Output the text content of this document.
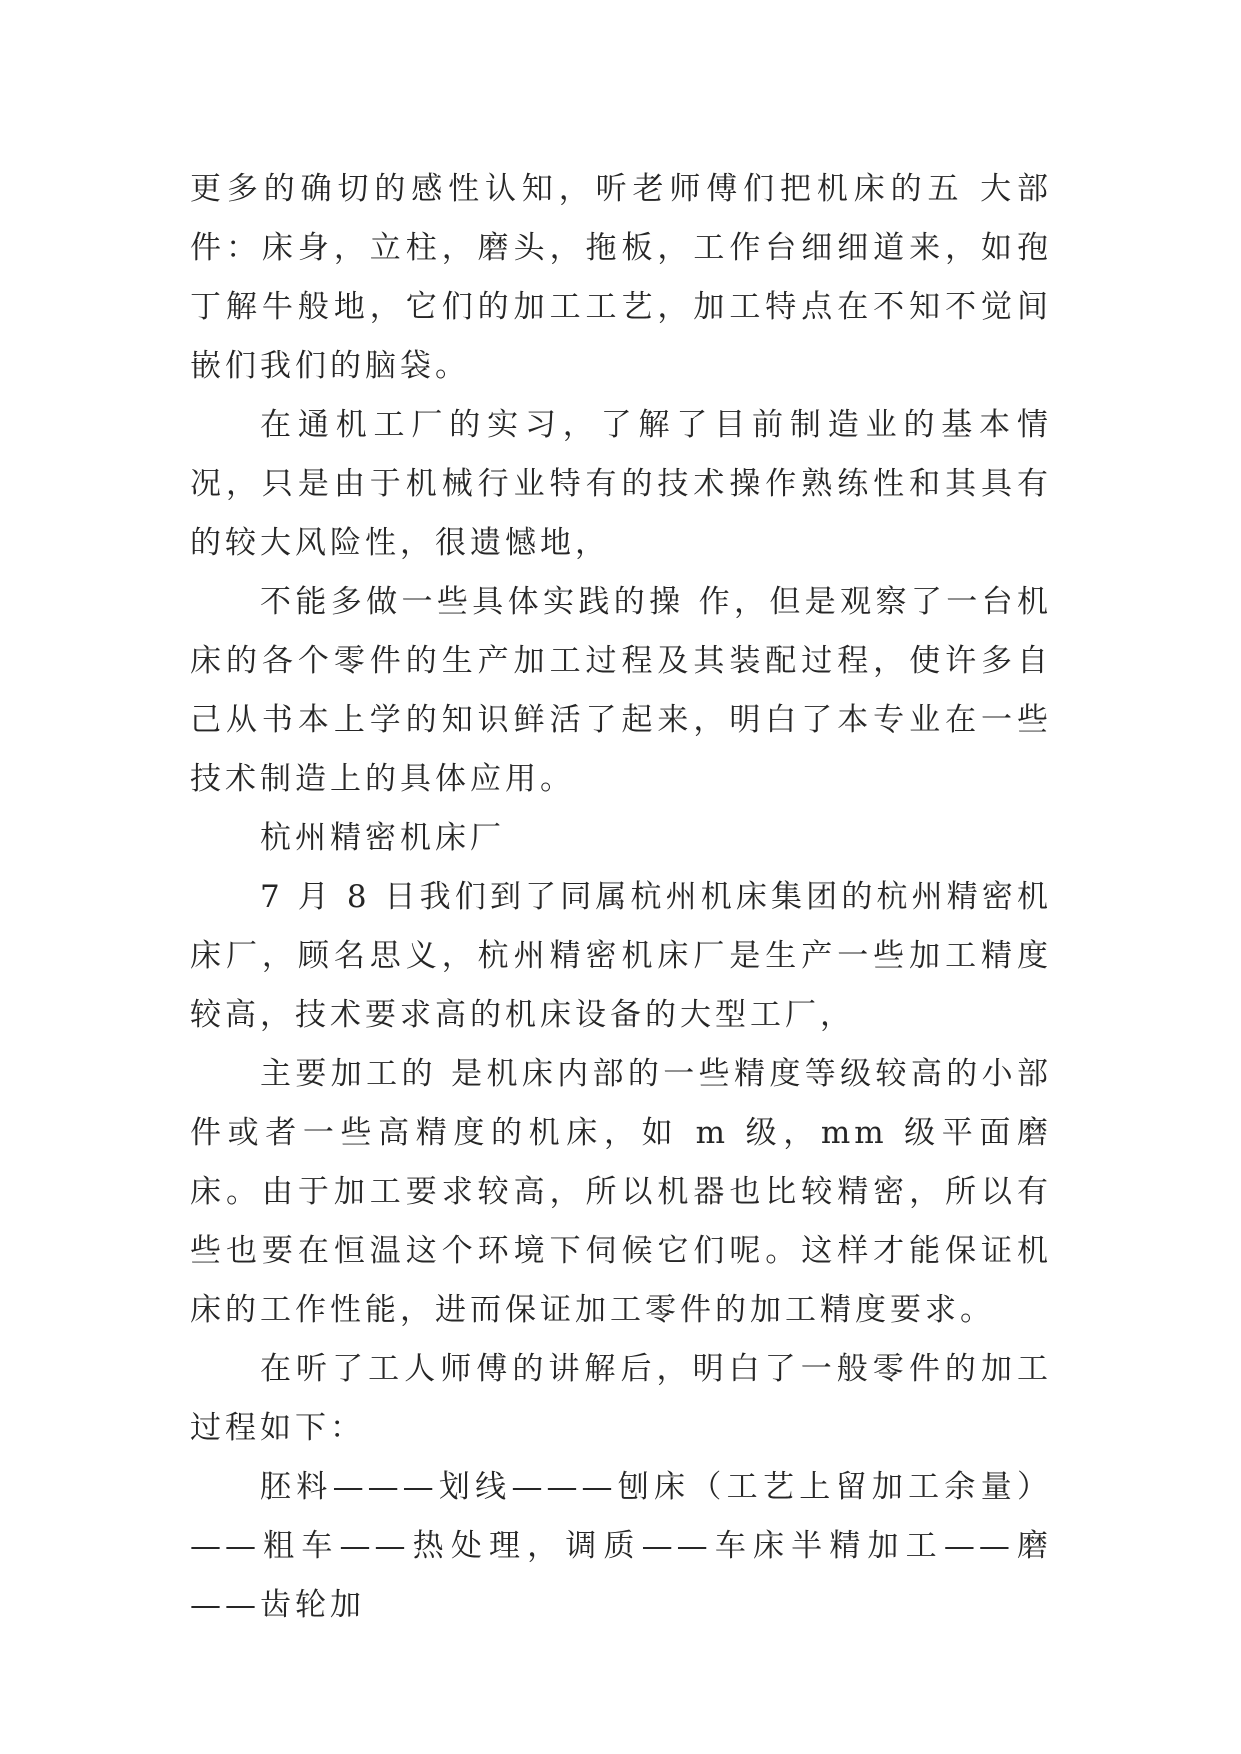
更多的确切的感性认知，听老师傅们把机床的五 大部件：床身，立柱，磨头，拖板，工作台细细道来，如孢丁解牛般地，它们的加工工艺，加工特点在不知不觉间嵌们我们的脑袋。

在通机工厂的实习，了解了目前制造业的基本情况，只是由于机械行业特有的技术操作熟练性和其具有的较大风险性，很遗憾地，

不能多做一些具体实践的操 作，但是观察了一台机床的各个零件的生产加工过程及其装配过程，使许多自己从书本上学的知识鲜活了起来，明白了本专业在一些技术制造上的具体应用。

杭州精密机床厂

7 月 8 日我们到了同属杭州机床集团的杭州精密机床厂，顾名思义，杭州精密机床厂是生产一些加工精度较高，技术要求高的机床设备的大型工厂，

主要加工的 是机床内部的一些精度等级较高的小部件或者一些高精度的机床，如 m 级，mm 级平面磨床。由于加工要求较高，所以机器也比较精密，所以有些也要在恒温这个环境下伺候它们呢。这样才能保证机床的工作性能，进而保证加工零件的加工精度要求。

在听了工人师傅的讲解后，明白了一般零件的加工过程如下：

胚料———划线———刨床（工艺上留加工余量）——粗车——热处理，调质——车床半精加工——磨——齿轮加
